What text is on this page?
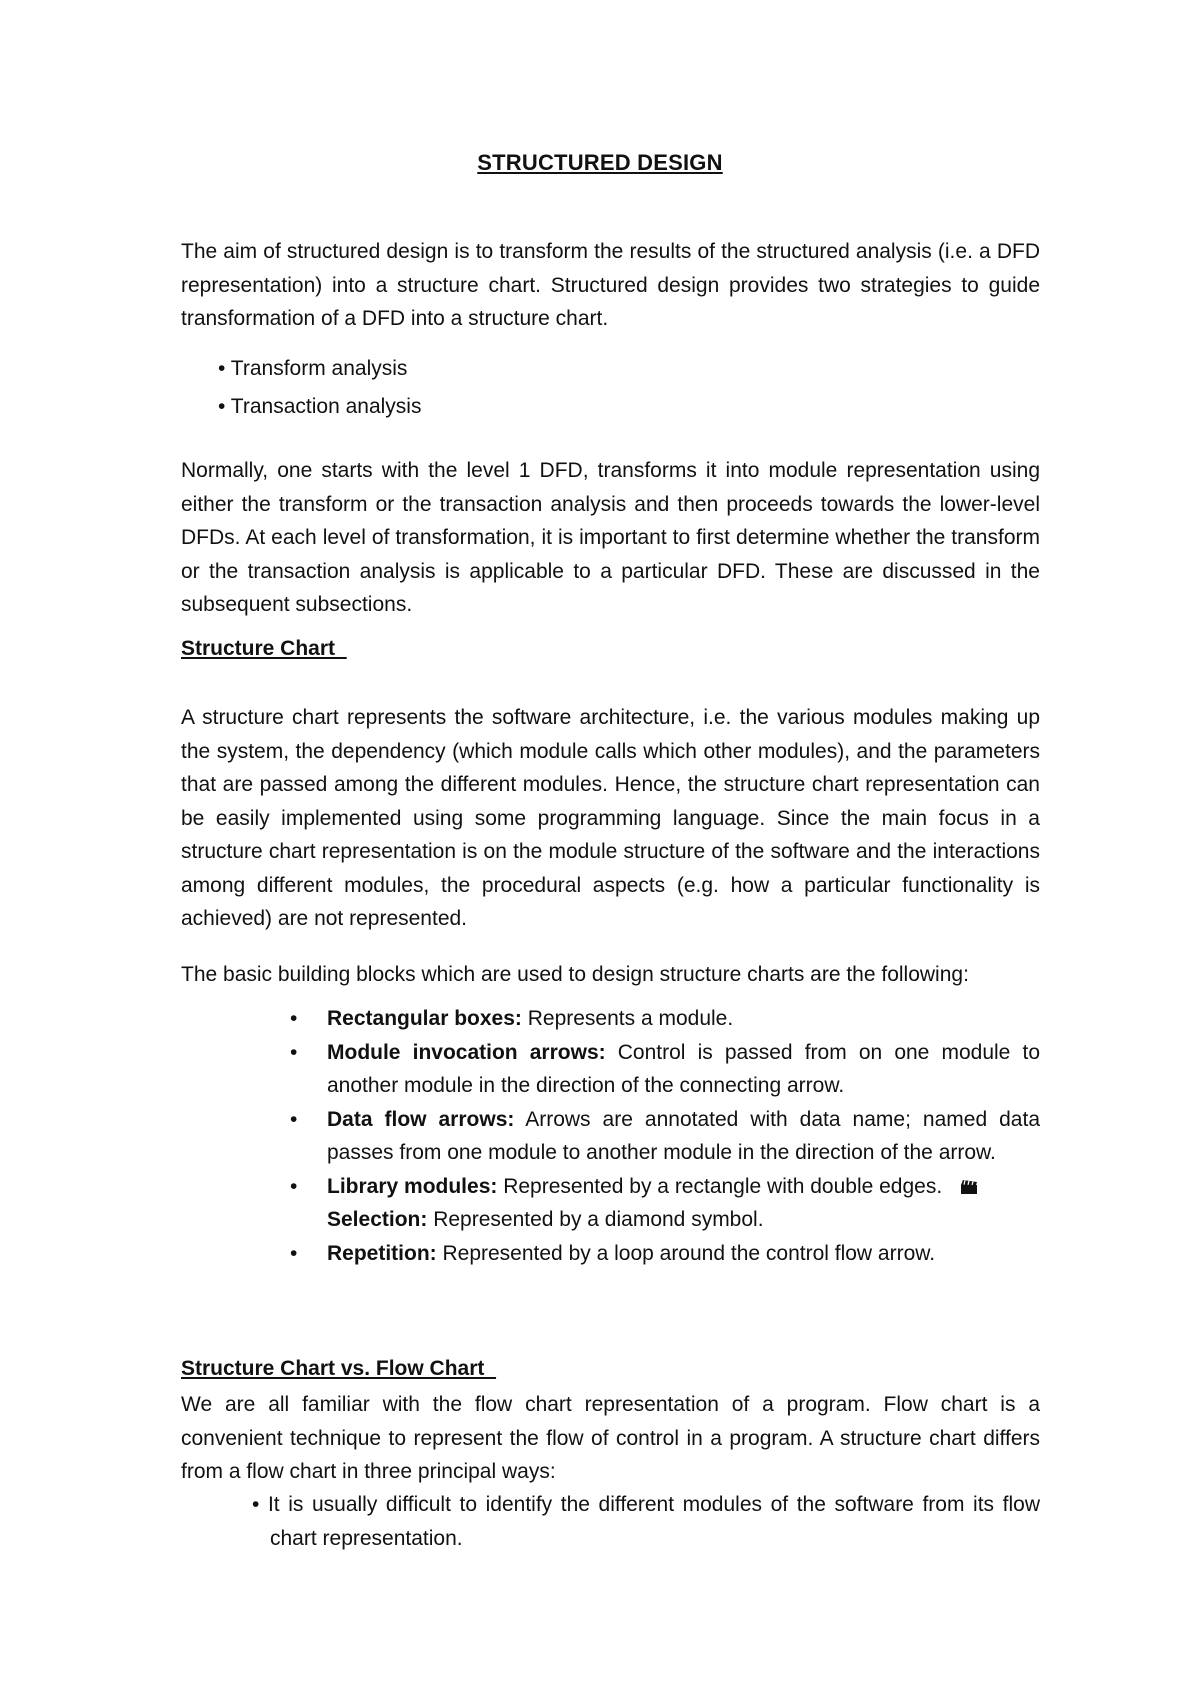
STRUCTURED DESIGN
The aim of structured design is to transform the results of the structured analysis (i.e. a DFD representation) into a structure chart. Structured design provides two strategies to guide transformation of a DFD into a structure chart.
• Transform analysis
• Transaction analysis
Normally, one starts with the level 1 DFD, transforms it into module representation using either the transform or the transaction analysis and then proceeds towards the lower-level DFDs. At each level of transformation, it is important to first determine whether the transform or the transaction analysis is applicable to a particular DFD. These are discussed in the subsequent subsections.
Structure Chart
A structure chart represents the software architecture, i.e. the various modules making up the system, the dependency (which module calls which other modules), and the parameters that are passed among the different modules. Hence, the structure chart representation can be easily implemented using some programming language. Since the main focus in a structure chart representation is on the module structure of the software and the interactions among different modules, the procedural aspects (e.g. how a particular functionality is achieved) are not represented.
The basic building blocks which are used to design structure charts are the following:
• Rectangular boxes: Represents a module.
• Module invocation arrows: Control is passed from on one module to another module in the direction of the connecting arrow.
• Data flow arrows: Arrows are annotated with data name; named data passes from one module to another module in the direction of the arrow.
• Library modules: Represented by a rectangle with double edges.
Selection: Represented by a diamond symbol.
• Repetition: Represented by a loop around the control flow arrow.
Structure Chart vs. Flow Chart
We are all familiar with the flow chart representation of a program. Flow chart is a convenient technique to represent the flow of control in a program. A structure chart differs from a flow chart in three principal ways:
• It is usually difficult to identify the different modules of the software from its flow chart representation.
